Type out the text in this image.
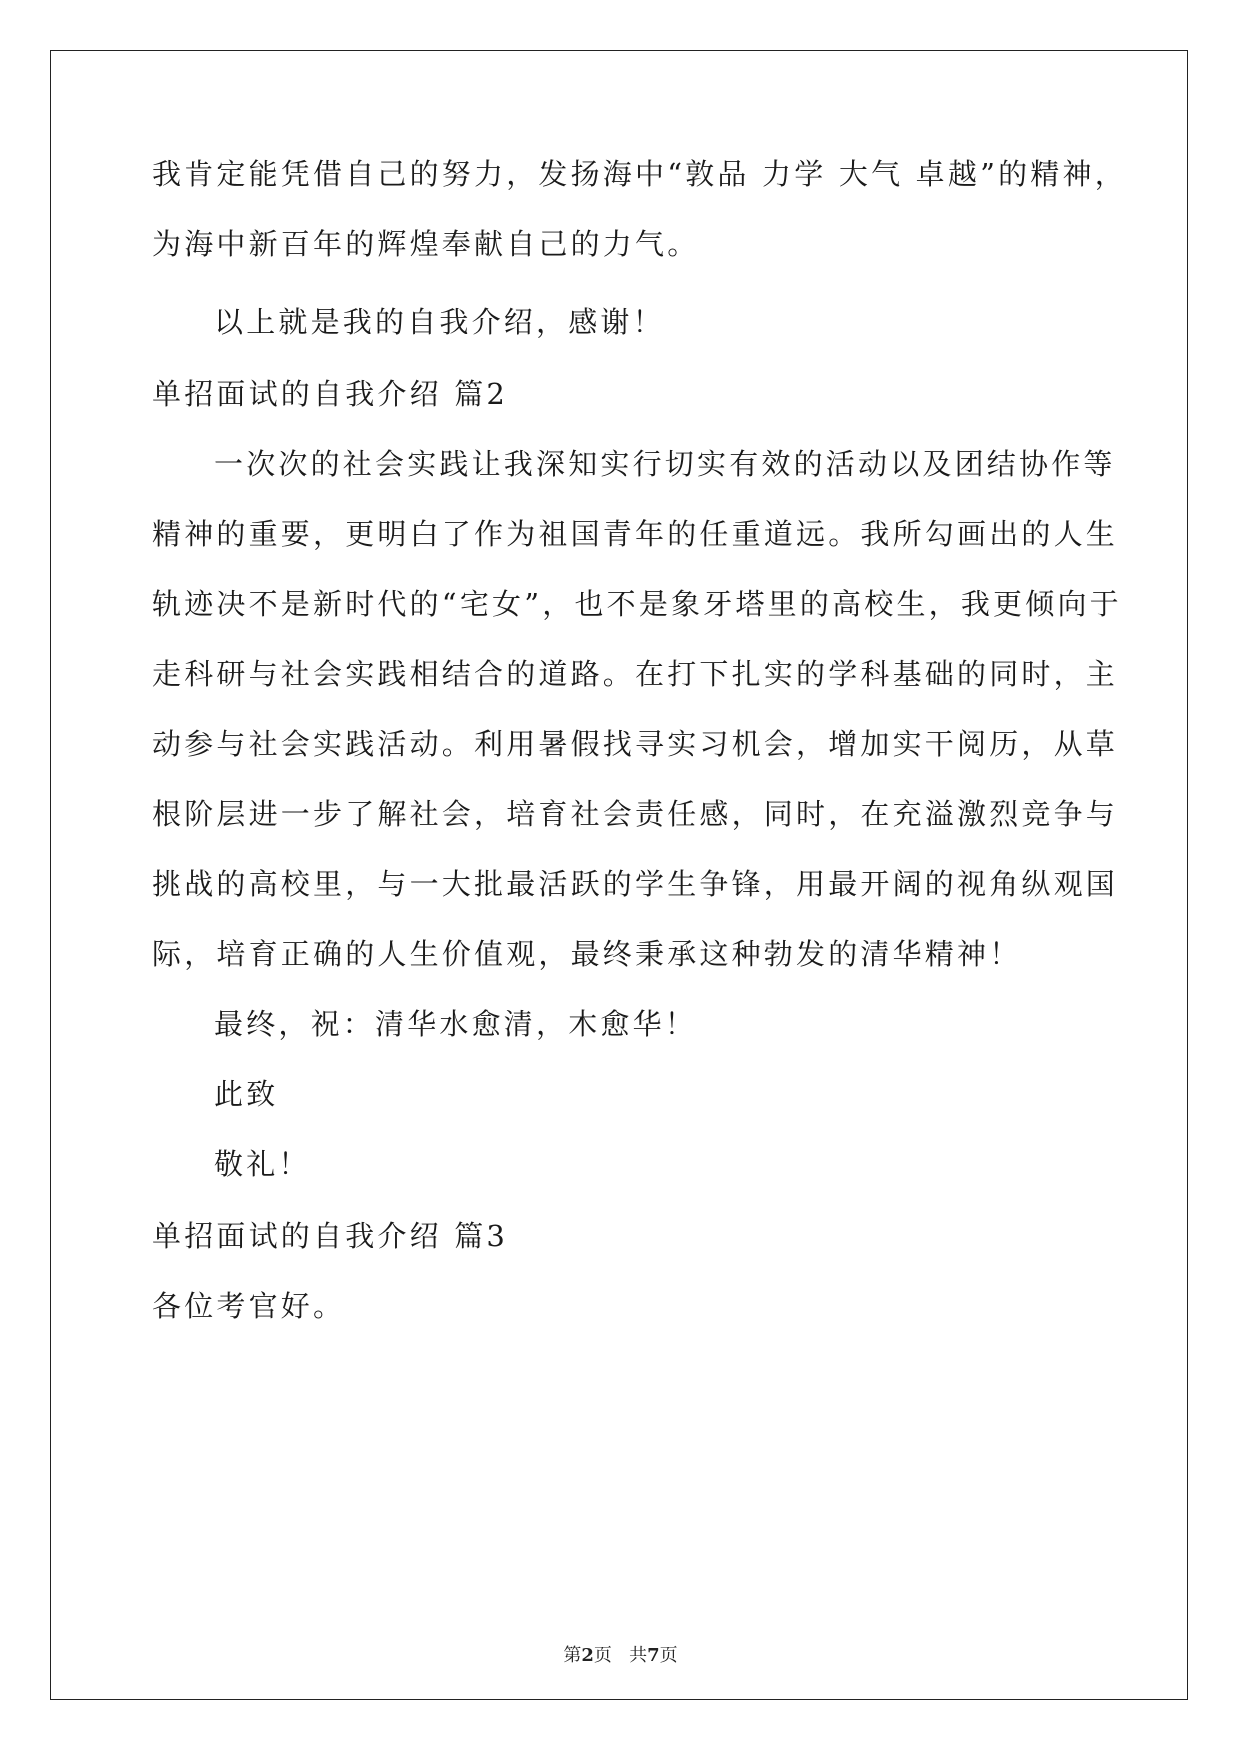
我肯定能凭借自己的努力，发扬海中“敦品 力学 大气 卓越”的精神，
为海中新百年的辉煌奉献自己的力气。
以上就是我的自我介绍，感谢！
单招面试的自我介绍 篇2
一次次的社会实践让我深知实行切实有效的活动以及团结协作等
精神的重要，更明白了作为祖国青年的任重道远。我所勾画出的人生
轨迹决不是新时代的“宅女”，也不是象牙塔里的高校生，我更倾向于
走科研与社会实践相结合的道路。在打下扎实的学科基础的同时，主
动参与社会实践活动。利用暑假找寻实习机会，增加实干阅历，从草
根阶层进一步了解社会，培育社会责任感，同时，在充溢激烈竞争与
挑战的高校里，与一大批最活跃的学生争锋，用最开阔的视角纵观国
际，培育正确的人生价值观，最终秉承这种勃发的清华精神！
最终，祝：清华水愈清，木愈华！
此致
敬礼！
单招面试的自我介绍 篇3
各位考官好。
第2页   共7页
